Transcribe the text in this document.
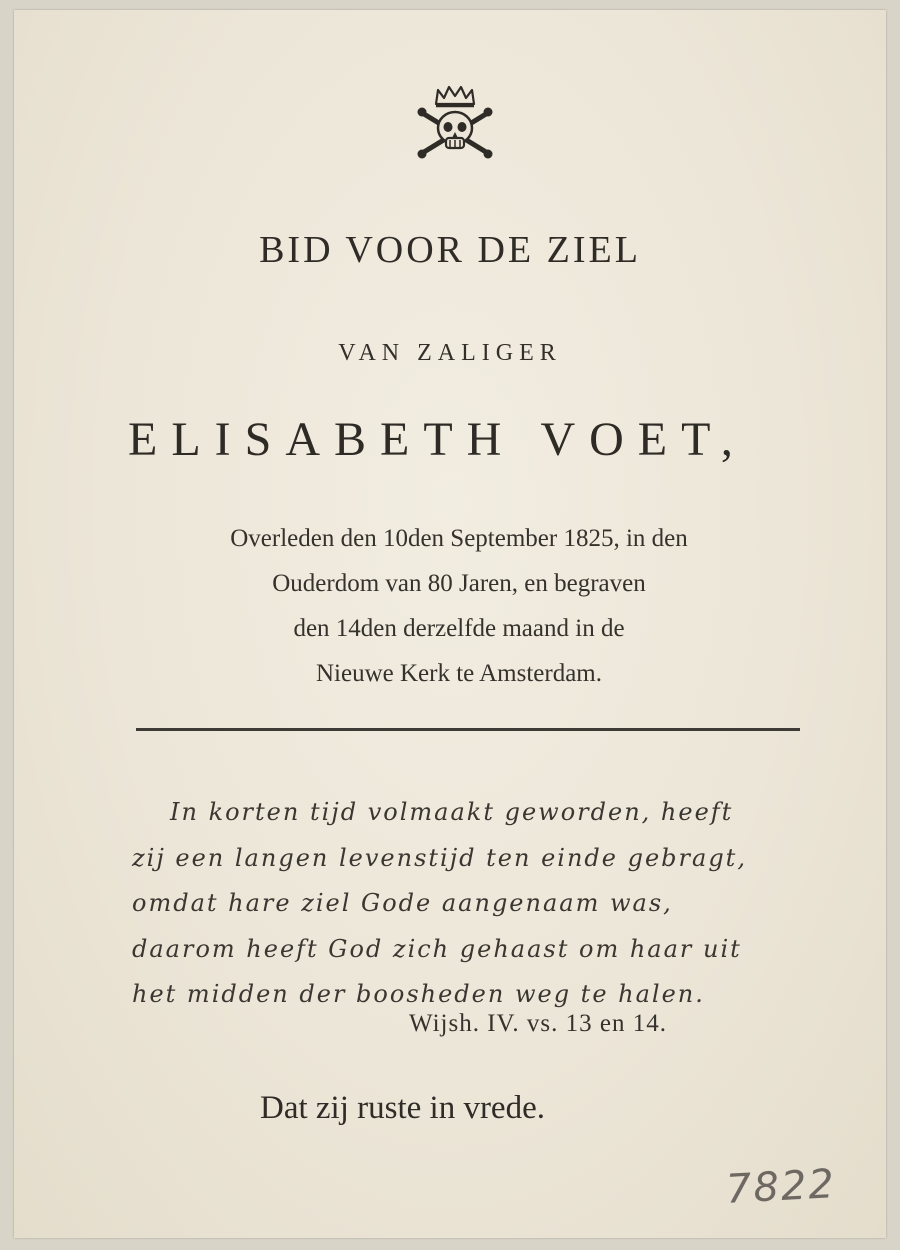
BID VOOR DE ZIEL
VAN ZALIGER
ELISABETH VOET,
Overleden den 10den September 1825, in den
Ouderdom van 80 Jaren, en begraven
den 14den derzelfde maand in de
Nieuwe Kerk te Amsterdam.
In korten tijd volmaakt geworden, heeft
zij een langen levenstijd ten einde gebragt,
omdat hare ziel Gode aangenaam was,
daarom heeft God zich gehaast om haar uit
het midden der boosheden weg te halen.
Wijsh. IV. vs. 13 en 14.
Dat zij ruste in vrede.
7822
